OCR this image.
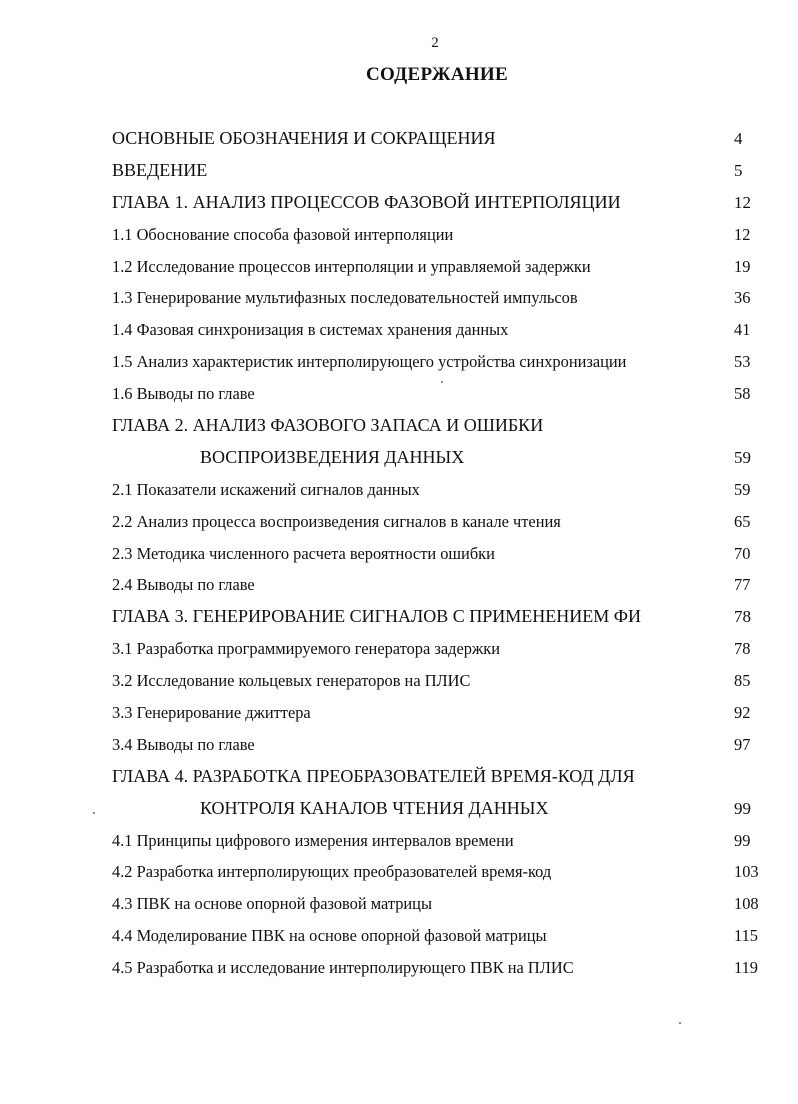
2
СОДЕРЖАНИЕ
ОСНОВНЫЕ ОБОЗНАЧЕНИЯ И СОКРАЩЕНИЯ	4
ВВЕДЕНИЕ	5
ГЛАВА 1. АНАЛИЗ ПРОЦЕССОВ ФАЗОВОЙ ИНТЕРПОЛЯЦИИ	12
1.1 Обоснование способа фазовой интерполяции	12
1.2 Исследование процессов интерполяции и управляемой задержки	19
1.3 Генерирование мультифазных последовательностей импульсов	36
1.4 Фазовая синхронизация в системах хранения данных	41
1.5 Анализ характеристик интерполирующего устройства синхронизации	53
1.6 Выводы по главе	58
ГЛАВА 2. АНАЛИЗ ФАЗОВОГО ЗАПАСА И ОШИБКИ
ВОСПРОИЗВЕДЕНИЯ ДАННЫХ	59
2.1 Показатели искажений сигналов данных	59
2.2 Анализ процесса воспроизведения сигналов в канале чтения	65
2.3 Методика численного расчета вероятности ошибки	70
2.4 Выводы по главе	77
ГЛАВА 3. ГЕНЕРИРОВАНИЕ СИГНАЛОВ С ПРИМЕНЕНИЕМ ФИ	78
3.1 Разработка программируемого генератора задержки	78
3.2 Исследование кольцевых генераторов на ПЛИС	85
3.3 Генерирование джиттера	92
3.4 Выводы по главе	97
ГЛАВА 4. РАЗРАБОТКА ПРЕОБРАЗОВАТЕЛЕЙ ВРЕМЯ-КОД ДЛЯ
КОНТРОЛЯ КАНАЛОВ ЧТЕНИЯ ДАННЫХ	99
4.1 Принципы цифрового измерения интервалов времени	99
4.2 Разработка интерполирующих преобразователей время-код	103
4.3 ПВК на основе опорной фазовой матрицы	108
4.4 Моделирование ПВК на основе опорной фазовой матрицы	115
4.5 Разработка и исследование интерполирующего ПВК на ПЛИС	119
